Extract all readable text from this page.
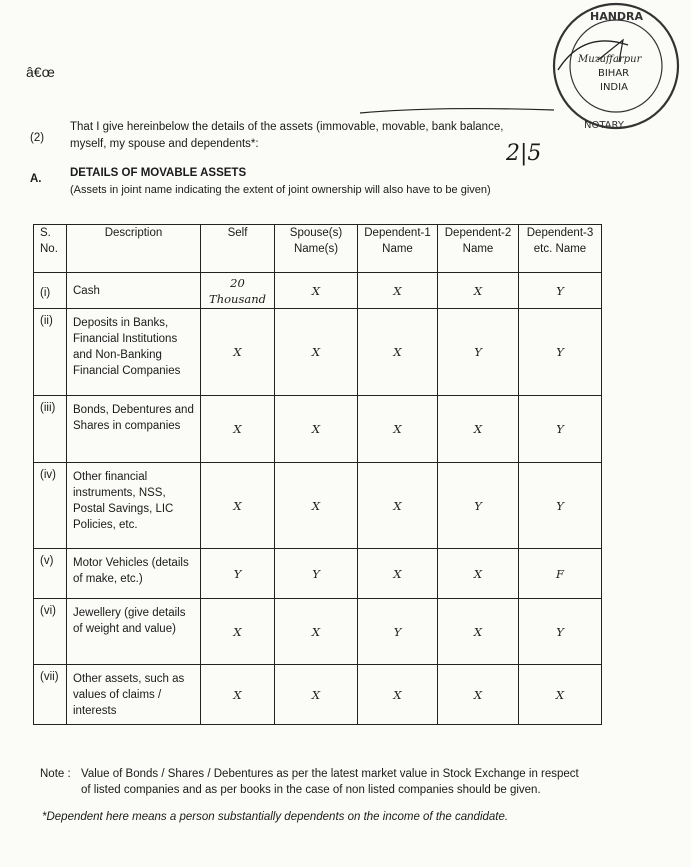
â€œ
HANDRA
Muzaffarpur
BIHAR
INDIA
NOTARY
(2)
That I give hereinbelow the details of the assets (immovable, movable, bank balance,
myself, my spouse and dependents*:	2|5
A. DETAILS OF MOVABLE ASSETS
(Assets in joint name indicating the extent of joint ownership will also have to be given)
S. No.	Description	Self	Spouse(s) Name(s)	Dependent-1 Name	Dependent-2 Name	Dependent-3 etc. Name
(i)	Cash	20 Thousand	X	X	X	Y
(ii)	Deposits in Banks, Financial Institutions and Non-Banking Financial Companies	X	X	X	Y	Y
(iii)	Bonds, Debentures and Shares in companies	X	X	X	X	Y
(iv)	Other financial instruments, NSS, Postal Savings, LIC Policies, etc.	X	X	X	Y	Y
(v)	Motor Vehicles (details of make, etc.)	Y	Y	X	X	F
(vi)	Jewellery (give details of weight and value)	X	X	Y	X	Y
(vii)	Other assets, such as values of claims / interests	X	X	X	X	X
Note : Value of Bonds / Shares / Debentures as per the latest market value in Stock Exchange in respect
of listed companies and as per books in the case of non listed companies should be given.
*Dependent here means a person substantially dependents on the income of the candidate.
